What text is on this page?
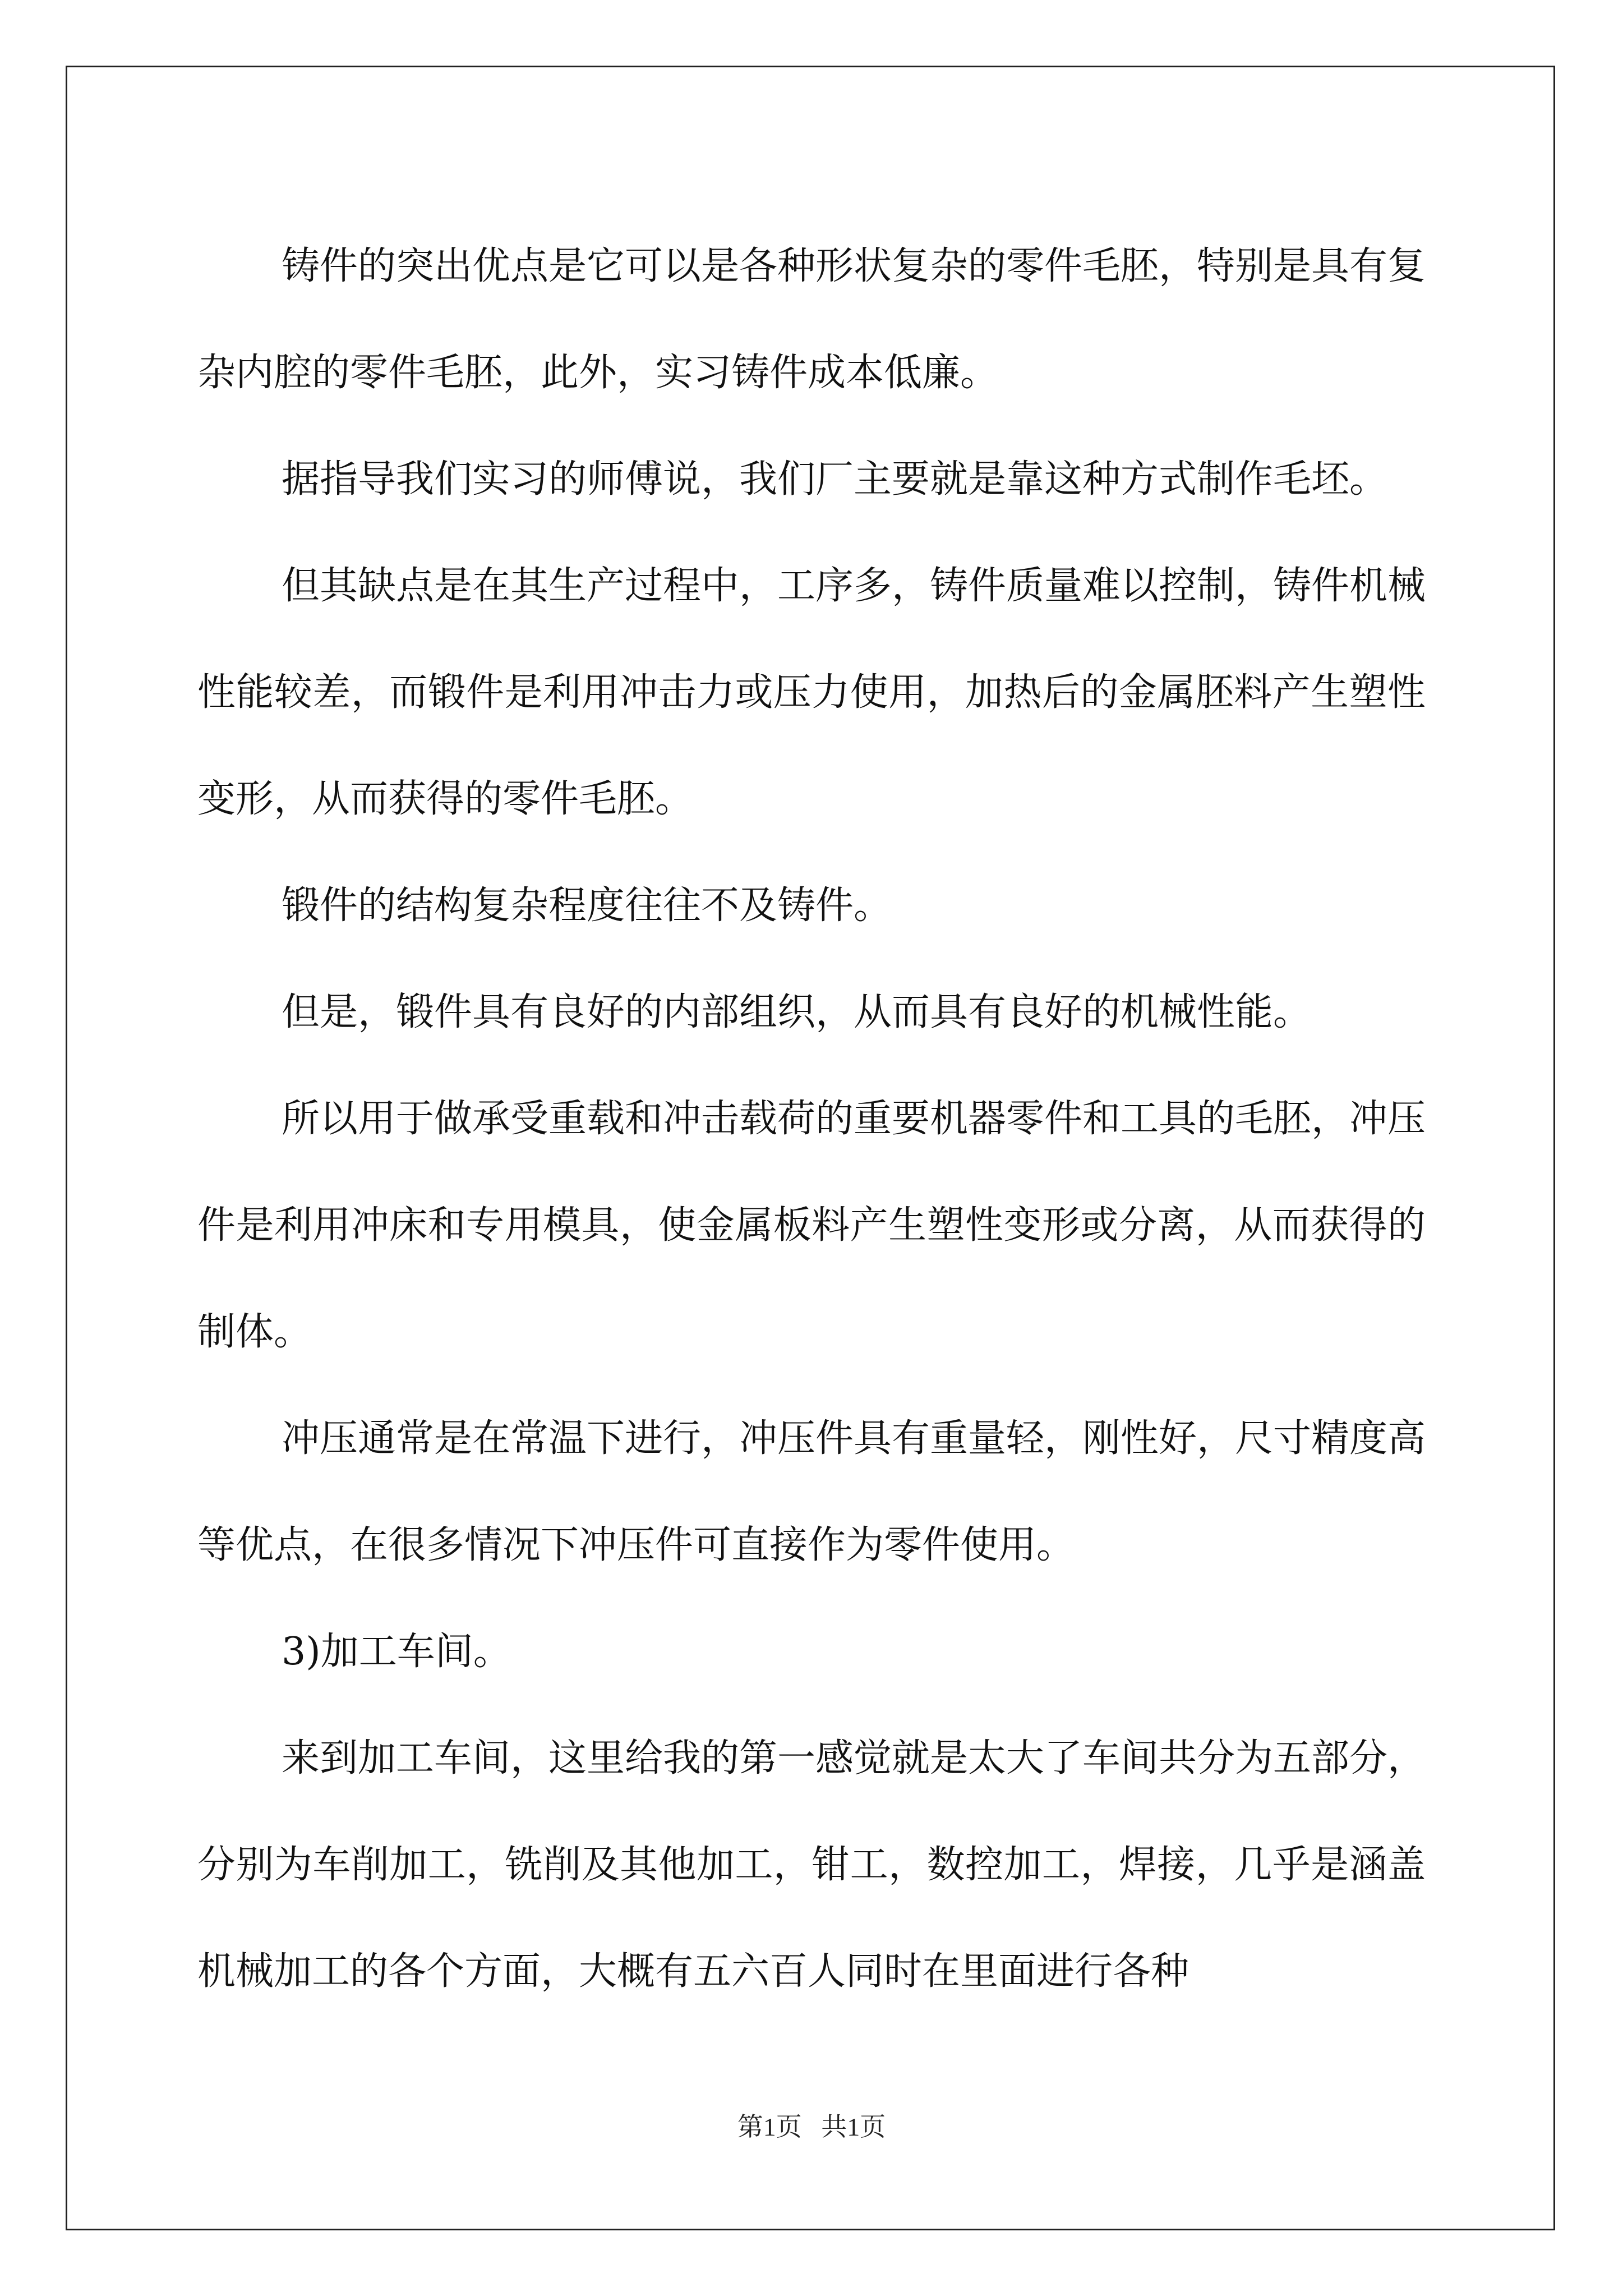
铸件的突出优点是它可以是各种形状复杂的零件毛胚，特别是具有复杂内腔的零件毛胚，此外，实习铸件成本低廉。

据指导我们实习的师傅说，我们厂主要就是靠这种方式制作毛坯。

但其缺点是在其生产过程中，工序多，铸件质量难以控制，铸件机械性能较差，而锻件是利用冲击力或压力使用，加热后的金属胚料产生塑性变形，从而获得的零件毛胚。

锻件的结构复杂程度往往不及铸件。

但是，锻件具有良好的内部组织，从而具有良好的机械性能。

所以用于做承受重载和冲击载荷的重要机器零件和工具的毛胚，冲压件是利用冲床和专用模具，使金属板料产生塑性变形或分离，从而获得的制体。

冲压通常是在常温下进行，冲压件具有重量轻，刚性好，尺寸精度高等优点，在很多情况下冲压件可直接作为零件使用。

3)加工车间。

来到加工车间，这里给我的第一感觉就是太大了车间共分为五部分，分别为车削加工，铣削及其他加工，钳工，数控加工，焊接，几乎是涵盖机械加工的各个方面，大概有五六百人同时在里面进行各种

第1页 共1页
